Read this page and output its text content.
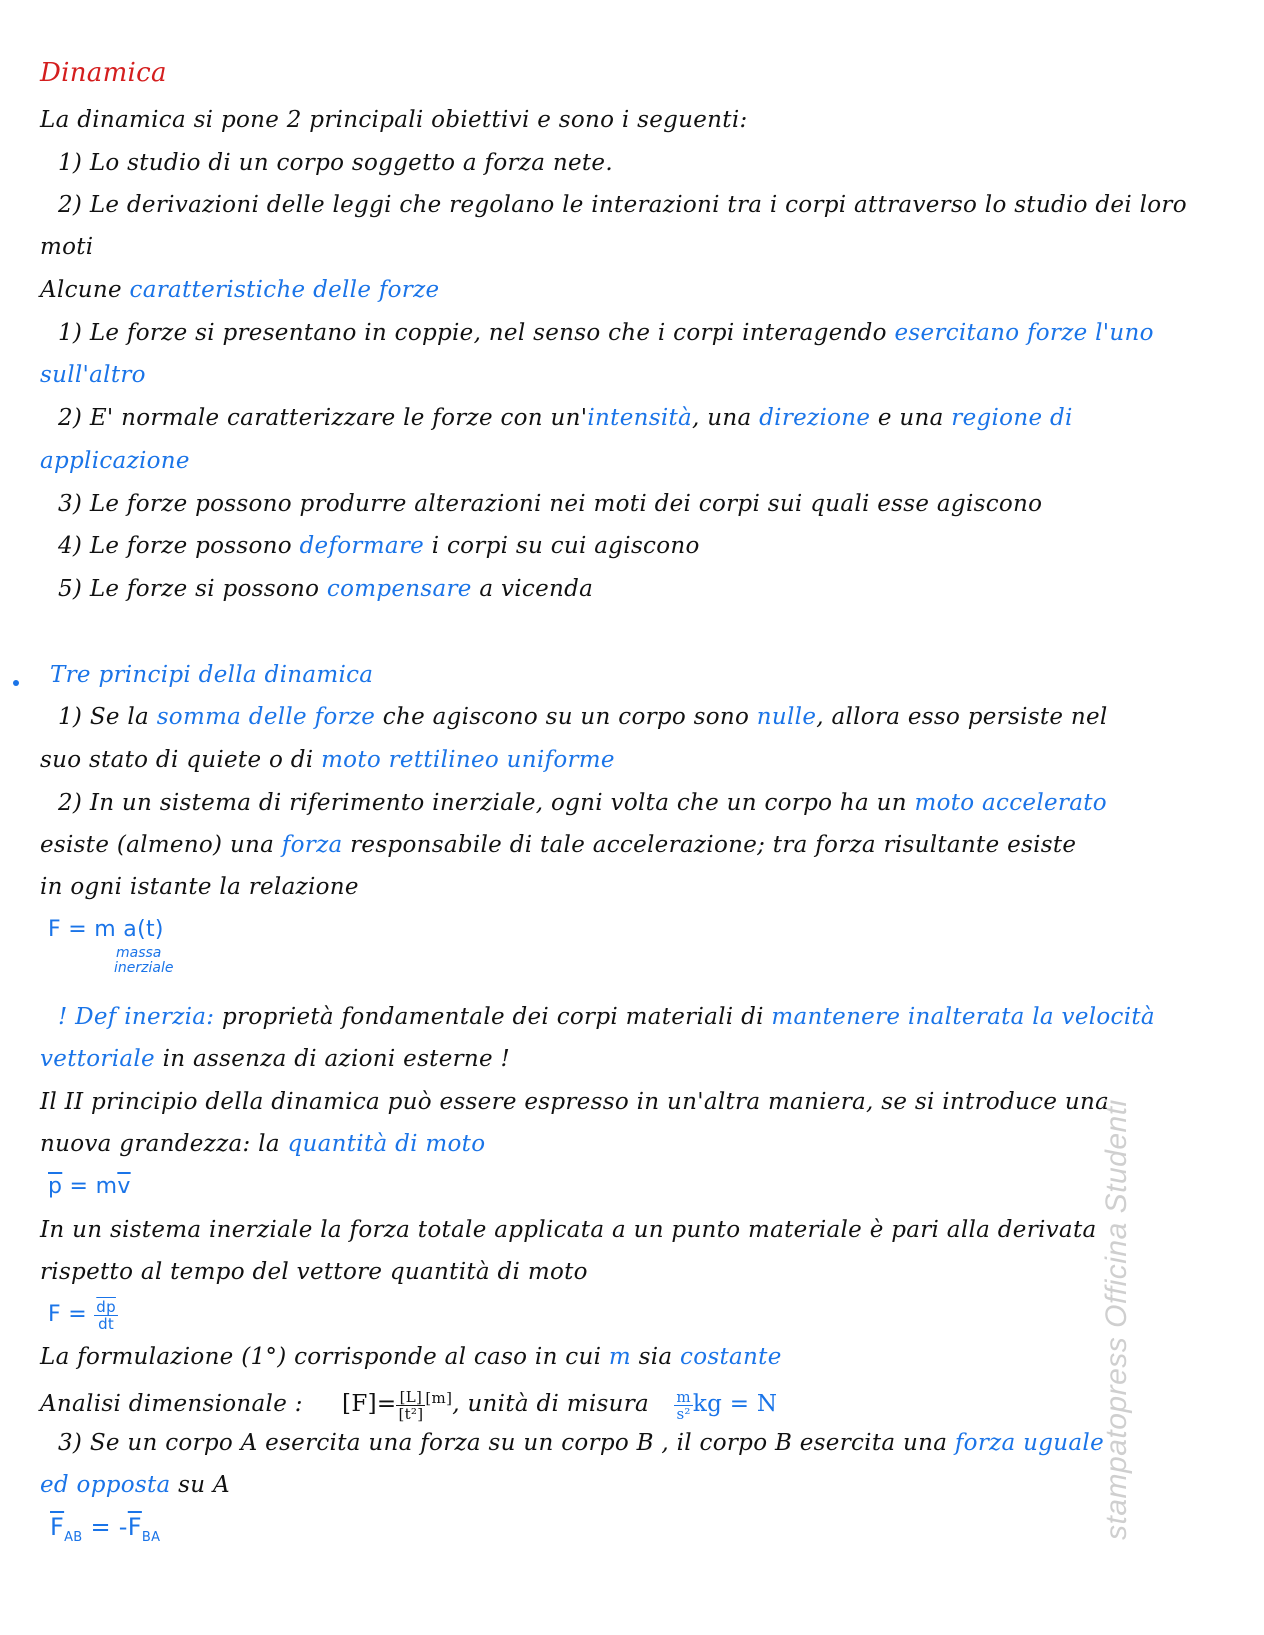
Dinamica
La dinamica si pone 2 principali obiettivi e sono i seguenti:
1) Lo studio di un corpo soggetto a forza nete.
2) Le derivazioni delle leggi che regolano le interazioni tra i corpi attraverso lo studio dei loro
moti
Alcune caratteristiche delle forze
1) Le forze si presentano in coppie, nel senso che i corpi interagendo esercitano forze l'uno
sull'altro
2) E' normale caratterizzare le forze con un'intensità, una direzione e una regione di
applicazione
3) Le forze possono produrre alterazioni nei moti dei corpi sui quali esse agiscono
4) Le forze possono deformare i corpi su cui agiscono
5) Le forze si possono compensare a vicenda
Tre principi della dinamica
1) Se la somma delle forze che agiscono su un corpo sono nulle, allora esso persiste nel
suo stato di quiete o di moto rettilineo uniforme
2) In un sistema di riferimento inerziale, ogni volta che un corpo ha un moto accelerato
esiste (almeno) una forza responsabile di tale accelerazione; tra forza risultante esiste
in ogni istante la relazione
F = m a(t)
massa
inerziale
! Def inerzia: proprietà fondamentale dei corpi materiali di mantenere inalterata la velocità
vettoriale in assenza di azioni esterne !
Il II principio della dinamica può essere espresso in un'altra maniera, se si introduce una
nuova grandezza: la quantità di moto
$\overline{p} = m\overline{v}$
In un sistema inerziale la forza totale applicata a un punto materiale è pari alla derivata
rispetto al tempo del vettore quantità di moto
$F = \frac{\overline{dp}}{dt}$
La formulazione (1°) corrisponde al caso in cui m sia costante
Analisi dimensionale : $[F]= \frac{[L]}{\text{[t²]}} [m]$, unità di misura $\frac{m}{\text{s²}}$ kg = N
3) Se un corpo A esercita una forza su un corpo B , il corpo B esercita una forza uguale
ed opposta su A
$\overline{F}_{AB} = -\overline{F}_{BA}$	stampatopress Officina Studenti
